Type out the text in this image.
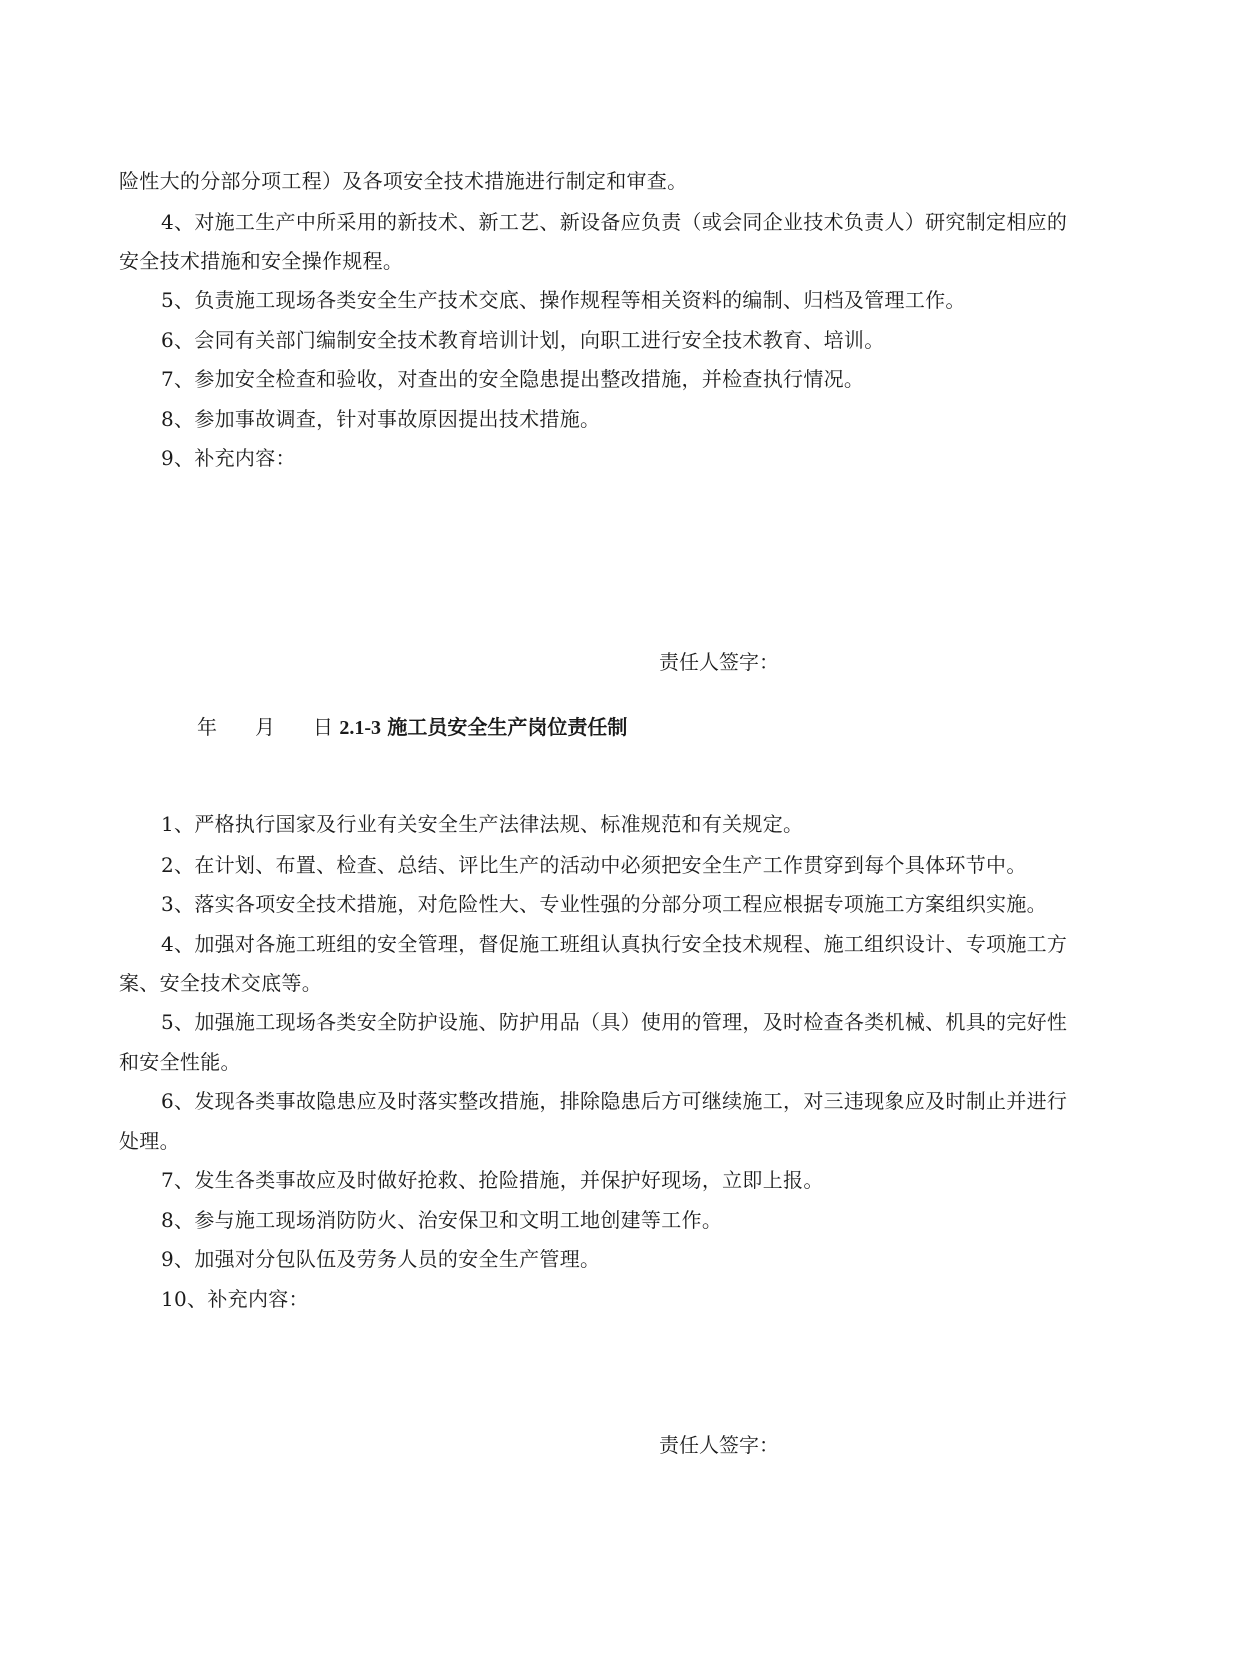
险性大的分部分项工程）及各项安全技术措施进行制定和审查。
4、对施工生产中所采用的新技术、新工艺、新设备应负责（或会同企业技术负责人）研究制定相应的
安全技术措施和安全操作规程。
5、负责施工现场各类安全生产技术交底、操作规程等相关资料的编制、归档及管理工作。
6、会同有关部门编制安全技术教育培训计划，向职工进行安全技术教育、培训。
7、参加安全检查和验收，对查出的安全隐患提出整改措施，并检查执行情况。
8、参加事故调查，针对事故原因提出技术措施。
9、补充内容：
责任人签字：
年 月 日 2.1-3 施工员安全生产岗位责任制
1、严格执行国家及行业有关安全生产法律法规、标准规范和有关规定。
2、在计划、布置、检查、总结、评比生产的活动中必须把安全生产工作贯穿到每个具体环节中。
3、落实各项安全技术措施，对危险性大、专业性强的分部分项工程应根据专项施工方案组织实施。
4、加强对各施工班组的安全管理，督促施工班组认真执行安全技术规程、施工组织设计、专项施工方
案、安全技术交底等。
5、加强施工现场各类安全防护设施、防护用品（具）使用的管理，及时检查各类机械、机具的完好性
和安全性能。
6、发现各类事故隐患应及时落实整改措施，排除隐患后方可继续施工，对三违现象应及时制止并进行
处理。
7、发生各类事故应及时做好抢救、抢险措施，并保护好现场，立即上报。
8、参与施工现场消防防火、治安保卫和文明工地创建等工作。
9、加强对分包队伍及劳务人员的安全生产管理。
10、补充内容：
责任人签字：
